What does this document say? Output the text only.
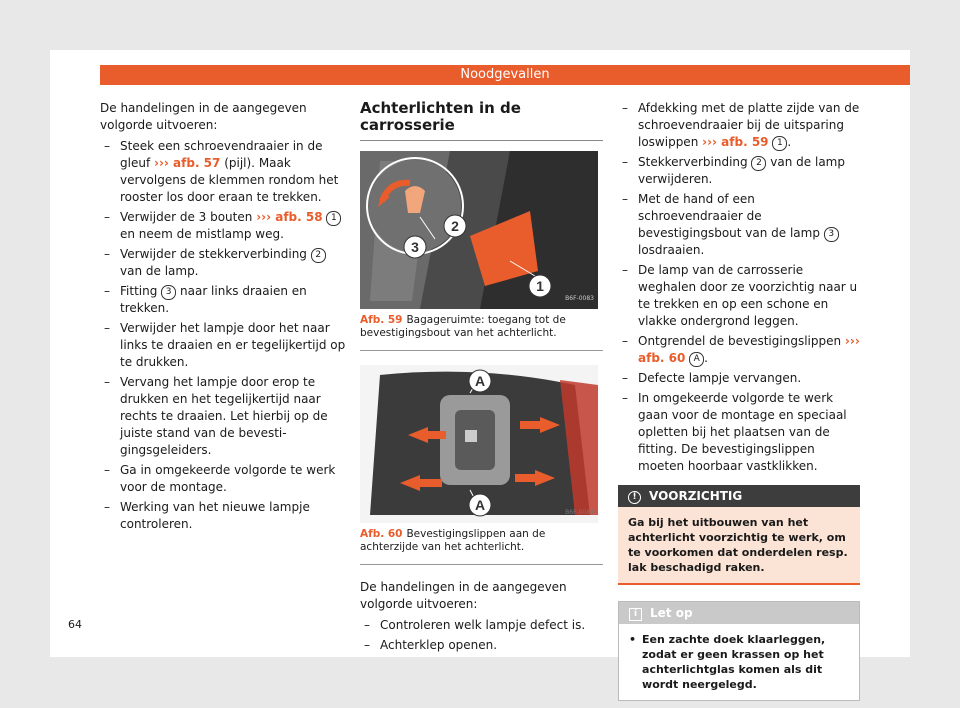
Noodgevallen

De handelingen in de aangegeven volgorde uitvoeren:

– Steek een schroevendraaier in de gleuf ››› afb. 57 (pijl). Maak vervolgens de klemmen rondom het rooster los door eraan te trekken.
– Verwijder de 3 bouten ››› afb. 58 1 en neem de mistlamp weg.
– Verwijder de stekkerverbinding 2 van de lamp.
– Fitting 3 naar links draaien en trekken.
– Verwijder het lampje door het naar links te draaien en er tegelijkertijd op te drukken.
– Vervang het lampje door erop te drukken en het tegelijkertijd naar rechts te draaien. Let hierbij op de juiste stand van de bevestigingsgeleiders.
– Ga in omgekeerde volgorde te werk voor de montage.
– Werking van het nieuwe lampje controleren.
Achterlichten in de carrosserie
2
3
1
B6F-0083
Afb. 59 Bagageruimte: toegang tot de bevestigingsbout van het achterlicht.
A
A	B6F-0084
Afb. 60 Bevestigingslippen aan de achterzijde van het achterlicht.

De handelingen in de aangegeven volgorde uitvoeren:

– Controleren welk lampje defect is.
– Achterklep openen.
– Afdekking met de platte zijde van de schroevendraaier bij de uitsparing loswippen ››› afb. 59 1 .
– Stekkerverbinding 2 van de lamp verwijderen.
– Met de hand of een schroevendraaier de bevestigingsbout van de lamp 3 losdraaien.
– De lamp van de carrosserie weghalen door ze voorzichtig naar u te trekken en op een schone en vlakke ondergrond leggen.
– Ontgrendel de bevestigingslippen ››› afb. 60 A .
– Defecte lampje vervangen.
– In omgekeerde volgorde te werk gaan voor de montage en speciaal opletten bij het plaatsen van de fitting. De bevestigingslippen moeten hoorbaar vastklikken.
! VOORZICHTIG
Ga bij het uitbouwen van het achterlicht voorzichtig te werk, om te voorkomen dat onderdelen resp. lak beschadigd raken.
i Let op
• Een zachte doek klaarleggen, zodat er geen krassen op het achterlichtglas komen als dit wordt neergelegd.
64
